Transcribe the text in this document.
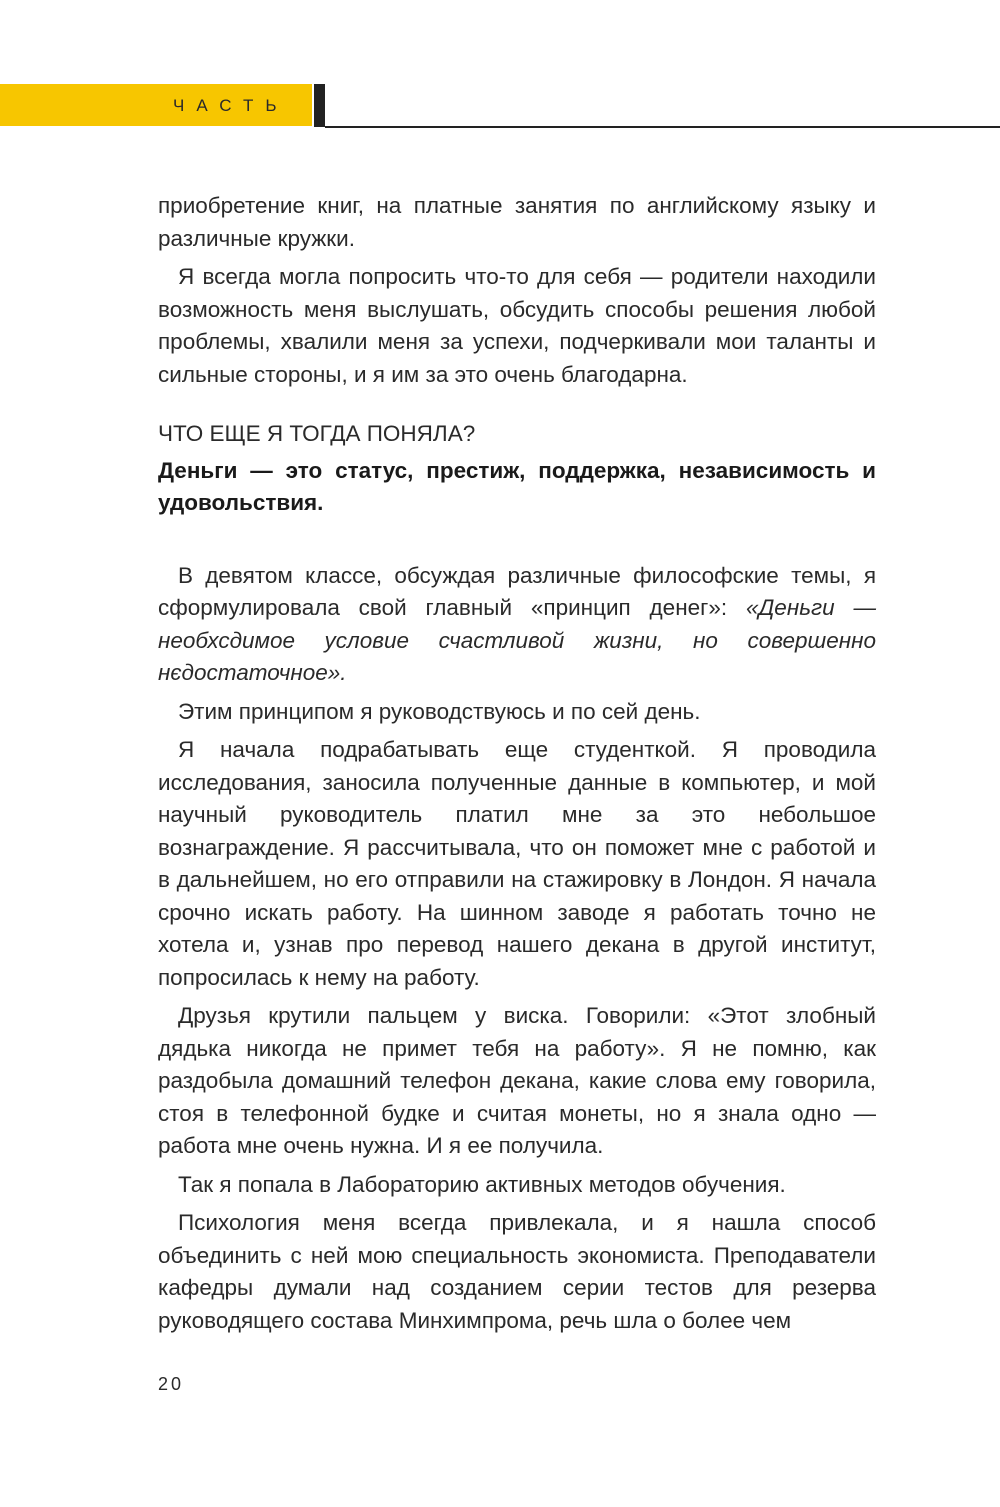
ЧАСТЬ

приобретение книг, на платные занятия по английскому языку и различные кружки.

Я всегда могла попросить что-то для себя — родители находили возможность меня выслушать, обсудить способы решения любой проблемы, хвалили меня за успехи, подчеркивали мои таланты и сильные стороны, и я им за это очень благодарна.

ЧТО ЕЩЕ Я ТОГДА ПОНЯЛА?

Деньги — это статус, престиж, поддержка, независимость и удовольствия.

В девятом классе, обсуждая различные философские темы, я сформулировала свой главный «принцип денег»: «Деньги — необхсдимое условие счастливой жизни, но совершенно нєдостаточное».

Этим принципом я руководствуюсь и по сей день.

Я начала подрабатывать еще студенткой. Я проводила исследования, заносила полученные данные в компьютер, и мой научный руководитель платил мне за это небольшое вознаграждение. Я рассчитывала, что он поможет мне с работой и в дальнейшем, но его отправили на стажировку в Лондон. Я начала срочно искать работу. На шинном заводе я работать точно не хотела и, узнав про перевод нашего декана в другой институт, попросилась к нему на работу.

Друзья крутили пальцем у виска. Говорили: «Этот злобный дядька никогда не примет тебя на работу». Я не помню, как раздобыла домашний телефон декана, какие слова ему говорила, стоя в телефонной будке и считая монеты, но я знала одно — работа мне очень нужна. И я ее получила.

Так я попала в Лабораторию активных методов обучения.

Психология меня всегда привлекала, и я нашла способ объединить с ней мою специальность экономиста. Преподаватели кафедры думали над созданием серии тестов для резерва руководящего состава Минхимпрома, речь шла о более чем

20
